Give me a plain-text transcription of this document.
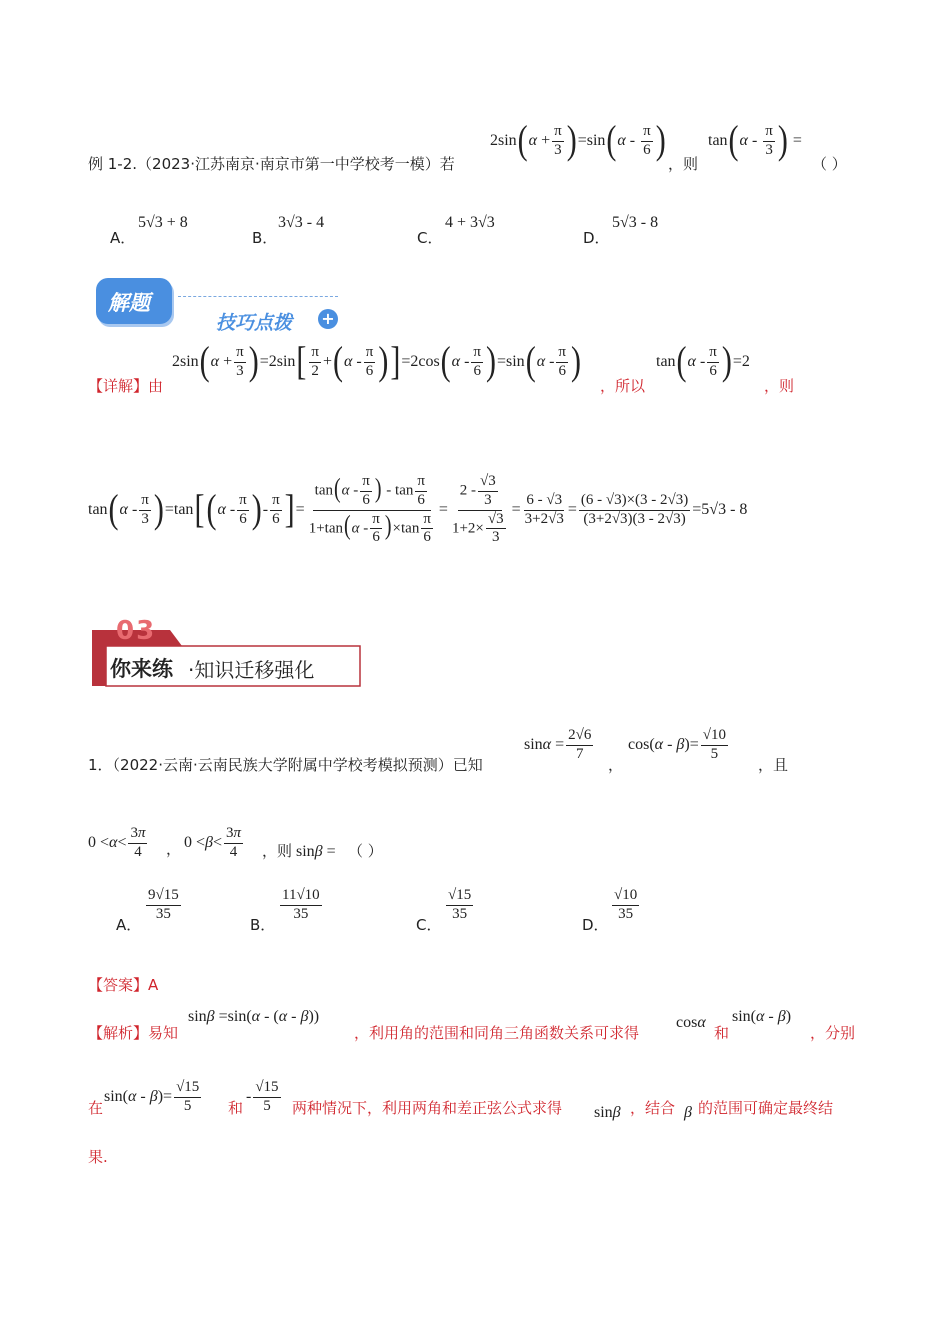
例 1-2.（2023·江苏南京·南京市第一中学校考一模）若
2sin ( $\alpha + \frac{\pi}{3}$ ) =sin ( α - $\frac{\pi}{6}$ )
，则
tan ( α - $\frac{\pi}{3}$ ) =
（ ）
A．
5√3 + 8
B．
3√3 - 4
C．
4 + 3√3
D．
5√3 - 8
解题
技巧点拨 +
【详解】由
2sin ( $\alpha + \frac{\pi}{3}$ ) =2sin [ $\frac{\pi}{2}$ + ( α - $\frac{\pi}{6}$ ) ] =2cos ( α - $\frac{\pi}{6}$ ) =sin ( α - $\frac{\pi}{6}$ )
，所以
tan ( α - $\frac{\pi}{6}$ ) =2
，则
tan ( α - $\frac{\pi}{3}$ ) =tan [ ( α - $\frac{\pi}{6}$ ) - $\frac{\pi}{6}$ ] = $\frac{\tan(\alpha - \frac{\pi}{6} ) - \tan \frac{\pi}{6}}{1+\tan(\alpha - \frac{\pi}{6} )\times\tan \frac{\pi}{6}} = \frac{2 - \frac{√3}{3}}{1+2\times \frac{√3}{3}} = \frac{6 - √3}{3+2√3} = \frac{(6 - √3)\times(3 - 2√3)}{(3+2√3)(3 - 2√3)} =5√3 - 8$
03
你来练 ·知识迁移强化
1．（2022·云南·云南民族大学附属中学校考模拟预测）已知
$\sin \alpha = \frac{2√6}{7}$
，
cos( α - β )= $\frac{√10}{5}$
，且
$0 < \alpha < \frac{3\pi}{4}$ ， $0 < \beta < \frac{3\pi}{4}$ ，则 sin β = （ ）
A．
$\frac{9√15}{35}$
B．
$\frac{11√10}{35}$
C．
$\frac{√15}{35}$
D．
$\frac{√10}{35}$
【答案】A
【解析】易知
sin β =sin( α - ( α - β ))
，利用角的范围和同角三角函数关系可求得
cos α
和
sin( α - β )
，分别
在
sin( α - β )= $\frac{√15}{5}$ 和
- $\frac{√15}{5}$ 两种情况下，利用两角和差正弦公式求得 sin β ，结合 β 的范围可确定最终结
果.
